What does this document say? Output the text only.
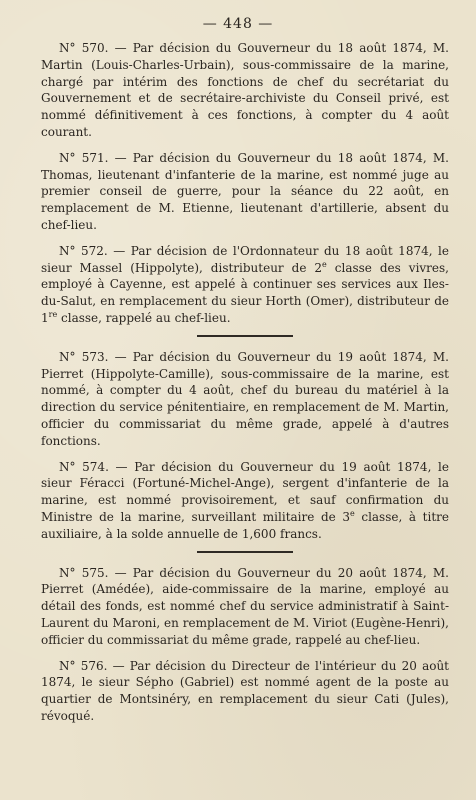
— 448 —

N° 570. — Par décision du Gouverneur du 18 août 1874, M. Martin (Louis-Charles-Urbain), sous-commissaire de la marine, chargé par intérim des fonctions de chef du secrétariat du Gouvernement et de secrétaire-archiviste du Conseil privé, est nommé définitivement à ces fonctions, à compter du 4 août courant.

N° 571. — Par décision du Gouverneur du 18 août 1874, M. Thomas, lieutenant d'infanterie de la marine, est nommé juge au premier conseil de guerre, pour la séance du 22 août, en remplacement de M. Etienne, lieutenant d'artillerie, absent du chef-lieu.

N° 572. — Par décision de l'Ordonnateur du 18 août 1874, le sieur Massel (Hippolyte), distributeur de 2e classe des vivres, employé à Cayenne, est appelé à continuer ses services aux Iles-du-Salut, en remplacement du sieur Horth (Omer), distributeur de 1re classe, rappelé au chef-lieu.

N° 573. — Par décision du Gouverneur du 19 août 1874, M. Pierret (Hippolyte-Camille), sous-commissaire de la marine, est nommé, à compter du 4 août, chef du bureau du matériel à la direction du service pénitentiaire, en remplacement de M. Martin, officier du commissariat du même grade, appelé à d'autres fonctions.

N° 574. — Par décision du Gouverneur du 19 août 1874, le sieur Féracci (Fortuné-Michel-Ange), sergent d'infanterie de la marine, est nommé provisoirement, et sauf confirmation du Ministre de la marine, surveillant militaire de 3e classe, à titre auxiliaire, à la solde annuelle de 1,600 francs.

N° 575. — Par décision du Gouverneur du 20 août 1874, M. Pierret (Amédée), aide-commissaire de la marine, employé au détail des fonds, est nommé chef du service administratif à Saint-Laurent du Maroni, en remplacement de M. Viriot (Eugène-Henri), officier du commissariat du même grade, rappelé au chef-lieu.

N° 576. — Par décision du Directeur de l'intérieur du 20 août 1874, le sieur Sépho (Gabriel) est nommé agent de la poste au quartier de Montsinéry, en remplacement du sieur Cati (Jules), révoqué.
